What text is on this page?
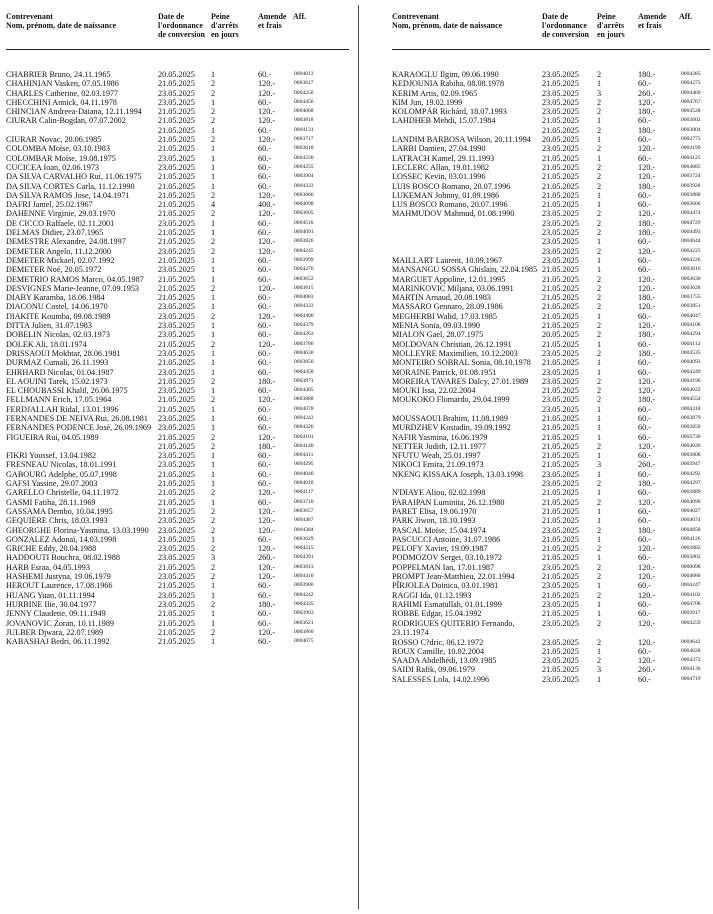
Contrevenant
Nom, prénom, date de naissance
Date de
l'ordonnance
de conversion
Peine
d'arrêts
en jours
Amende
et frais
Aff.
CHABRIER Bruno, 24.11.1965	20.05.2025 1	60.-	0004013
CHAHINIAN Vasken, 07.05.1986	21.05.2025 2	120.-	0003617
CHARLES Catherine, 02.03.1977	23.05.2025 2	120.-	0004250
CHECCHINI Annick, 04.11.1978	23.05.2025 1	60.-	0004456
CHINCIAN Andreea-Daiana, 12.11.1994	21.05.2025 2	120.-	0004068
CIURAR Calin-Bogdan, 07.07.2002	21.05.2025 2	120.-	0003818
21.05.2025 1	60.-	0004131
CIURAR Novac, 20.06.1985	21.05.2025 2	120.-	0003717
COLOMBA Moïse, 03.10.1983	21.05.2025 1	60.-	0003618
COLOMBAR Moïse, 19.08.1975	23.05.2025 1	60.-	0004330
CUCICEA Ioan, 02.06.1973	23.05.2025 1	60.-	0004255
DA SILVA CARVALHO Rui, 11.06.1975	21.05.2025 1	60.-	0003904
DA SILVA CORTES Carla, 11.12.1990	21.05.2025 1	60.-	0004333
DA SILVA RAMOS Jose, 14.04.1971	21.05.2025 2	120.-	0003666
DAFRI Jamel, 25.02.1967	21.05.2025 4	400.-	0004098
DAHENNE Virginie, 29.03.1970	21.05.2025 2	120.-	0003605
DE CICCO Raffaele, 02.11.2001	23.05.2025 1	60.-	0004510
DELMAS Didier, 23.07.1965	21.05.2025 1	60.-	0004091
DEMESTRE Alexandre, 24.08.1997	21.05.2025 2	120.-	0003826
DEMETER Angelo, 11.12.2000	23.05.2025 2	120.-	0004245
DEMETER Mickael, 02.07.1992	21.05.2025 1	60.-	0003999
DEMETER Noé, 20.05.1972	23.05.2025 1	60.-	0004276
DEMETRIO RAMOS Marco, 04.05.1987	21.05.2025 1	60.-	0003652
DESVIGNES Marie-Jeanne, 07.09.1953	21.05.2025 2	120.-	0003815
DIABY Karamba, 18.06.1984	21.05.2025 1	60.-	0004083
DIACONU Costel, 14.06.1970	23.05.2025 1	60.-	0004333
DIAKITE Koumba, 09.08.1989	23.05.2025 2	120.-	0004406
DITTA Julien, 31.07.1983	23.05.2025 1	60.-	0004379
DOBELIN Nicolas, 02.03.1973	23.05.2025 1	60.-	0004263
DOLEK Ali, 18.01.1974	21.05.2025 2	120.-	0003786
DRISSAOUI Mokhtar, 28.06.1981	23.05.2025 1	60.-	0004630
DURMAZ Cumali, 26.11.1993	21.05.2025 1	60.-	0003856
EHRHARD Nicolas, 01.04.1987	23.05.2025 1	60.-	0004458
EL AOUINI Tarek, 15.02.1973	21.05.2025 2	180.-	0003871
EL CHOUBASSI Khalil, 26.06.1975	23.05.2025 1	60.-	0004405
FELLMANN Erich, 17.05.1964	21.05.2025 2	120.-	0003888
FERDJALLAH Ridal, 13.01.1996	21.05.2025 1	60.-	0004078
FERNANDES DE NEIVA Rui, 26.08.1981	23.05.2025 1	60.-	0004243
FERNANDES PODENCE José, 26.09.1969 23.05.2025 1	60.-	0004326
FIGUEIRA Rui, 04.05.1989	21.05.2025 2	120.-	0004101
21.05.2025 2	180.-	0004140
FIKRI Youssef, 13.04.1982	23.05.2025 1	60.-	0004411
FRESNEAU Nicolas, 18.01.1991	23.05.2025 1	60.-	0004295
GABOURG Adelphe, 05.07.1998	21.05.2025 1	60.-	0004046
GAFSI Yassine, 29.07.2003	21.05.2025 1	60.-	0004010
GARELLO Christelle, 04.11.1972	21.05.2025 2	120.-	0004117
GASMI Fatiha, 28.11.1969	21.05.2025 1	60.-	0003710
GASSAMA Dembo, 10.04.1995	21.05.2025 2	120.-	0003657
GEQUIÈRE Chris, 18.03.1993	23.05.2025 2	120.-	0004487
GHEORGHE Florina-Yasmina, 13.03.1990	23.05.2025 2	120.-	0004384
GONZALEZ Adonaï, 14.03.1998	21.05.2025 1	60.-	0003629
GRICHE Eddy, 20.04.1988	23.05.2025 2	120.-	0004215
HADDOUTI Bouchra, 08.02.1988	23.05.2025 3	260.-	0004391
HARB Esraa, 04.05.1993	21.05.2025 2	120.-	0003813
HASHEMI Justyna, 19.06.1979	23.05.2025 2	120.-	0004410
HEROUT Laurence, 17.08.1966	21.05.2025 1	60.-	0003900
HUANG Yuan, 01.11.1994	23.05.2025 1	60.-	0004242
HURBINE Ilie, 30.04.1977	23.05.2025 2	180.-	0004335
JENNY Claudette, 09.11.1949	21.05.2025 1	60.-	0003903
JOVANOVIC Zoran, 10.11.1989	21.05.2025 1	60.-	0003621
JULBER Djwara, 22.07.1989	21.05.2025 2	120.-	0003860
KABASHAJ Bedri, 06.11.1992	21.05.2025 1	60.-	0004075
Contrevenant
Nom, prénom, date de naissance
Date de
l'ordonnance
de conversion
Peine
d'arrêts
en jours
Amende
et frais
Aff.
KARAOGLU Ilgim, 09.06.1990	23.05.2025 2	180.-	0004385
KEDJOUNIA Rabiha, 08.08.1978	21.05.2025 1	60.-	0004275
KERIM Artis, 02.09.1965	23.05.2025 3	260.-	0004460
KIM Jun, 19.02.1999	23.05.2025 2	120.-	0004767
KOLOMPÁR Richárd, 18.07.1993	23.05.2025 2	180.-	0004528
LAHDHEB Mehdi, 15.07.1984	21.05.2025 1	60.-	0003602
21.05.2025 2	180.-	0003804
LANDIM BARBOSA Wilson, 20.11.1994	20.05.2025 1	60.-	0003775
LARBI Damien, 27.04.1990	23.05.2025 2	120.-	0004199
LATRACH Kamel, 29.11.1993	21.05.2025 1	60.-	0004125
LECLERC Allan, 19.01.1982	21.05.2025 2	120.-	0004085
LOSSEC Kevin, 03.01.1996	21.05.2025 2	120.-	0003724
LUIS BOSCO Romano, 20.07.1996	21.05.2025 2	180.-	0003928
LUKEMAN Johnny, 01.09.1986	21.05.2025 1	60.-	0003880
LUS BOSCO Romano, 20.07.1996	21.05.2025 1	60.-	0003606
MAHMUDOV Mahmud, 01.08.1990	23.05.2025 2	120.-	0004474
23.05.2025 2	180.-	0004729
23.05.2025 2	180.-	0004493
23.05.2025 1	60.-	0004644
23.05.2025 2	120.-	0004225
MAILLART Laurent, 10.09.1967	23.05.2025 1	60.-	0004226
MANSANGU SOSSA Ghislain, 22.04.1985 21.05.2025 1	60.-	0003816
MARGUET Appoline, 12.01.1995	21.05.2025 2	120.-	0003630
MARINKOVIC Miljana, 03.06.1991	21.05.2025 2	120.-	0003628
MARTIN Arnaud, 20.08.1983	21.05.2025 2	180.-	0003755
MASSARO Gennaro, 28.09.1986	21.05.2025 2	120.-	0003851
MEGHERBI Walid, 17.03.1985	21.05.2025 1	60.-	0004047
MENIA Sonia, 09.03.1990	21.05.2025 2	120.-	0004108
MIALON Gael, 28.07.1975	20.05.2025 2	180.-	0004294
MOLDOVAN Christian, 26.12.1991	21.05.2025 1	60.-	0004112
MOLLEYRE Maximilien, 10.12.2003	23.05.2025 2	180.-	0004535
MONTEIRO SOBRAL Sonia, 08.10.1978	21.05.2025 1	60.-	0004093
MORAINE Patrick, 01.08.1951	23.05.2025 1	60.-	0004249
MOREIRA TAVARES Dalcy, 27.01.1989	23.05.2025 2	120.-	0004190
MOUKI Issa, 22.02.2004	21.05.2025 2	120.-	0004022
MOUKOKO Flomardo, 29.04.1999	23.05.2025 2	180.-	0004554
23.05.2025 1	60.-	0004318
MOUSSAOUI Brahim, 11.08.1989	21.05.2025 1	60.-	0003879
MURDZHEV Kostadin, 19.09.1992	21.05.2025 1	60.-	0003850
NAFIR Yasmina, 16.06.1979	21.05.2025 1	60.-	0003730
NETTER Judith, 12.11.1977	21.05.2025 2	120.-	0004026
NFUTU Weah, 25.01.1997	21.05.2025 1	60.-	0003808
NIKOCI Emira, 21.09.1973	21.05.2025 3	260.-	0003947
NKENG KISSAKA Joseph, 13.03.1998	23.05.2025 1	60.-	0004292
23.05.2025 2	180.-	0004297
N'DIAYE Aliou, 02.02.1998	21.05.2025 1	60.-	0003889
PARAIPAN Luminita, 26.12.1980	21.05.2025 2	120.-	0004090
PARET Elisa, 19.06.1970	21.05.2025 1	60.-	0004027
PARK Jiwon, 18.10.1993	21.05.2025 1	60.-	0004074
PASCAL Moïse, 15.04.1974	23.05.2025 2	180.-	0004858
PASCUCCI Antoine, 31.07.1986	21.05.2025 1	60.-	0004126
PELOFY Xavier, 19.09.1987	21.05.2025 2	120.-	0003882
PODMOZOV Sergei, 03.10.1972	21.05.2025 1	60.-	0003862
POPPELMAN Ian, 17.01.1987	23.05.2025 2	120.-	0000098
PROMPT Jean-Matthieu, 22.01.1994	21.05.2025 2	120.-	0004086
PÎRJOLEA Doinica, 03.01.1981	23.05.2025 1	60.-	0004247
RAGGI Ida, 01.12.1993	21.05.2025 2	120.-	0004102
RAHIMI Esmatullah, 01.01.1999	23.05.2025 1	60.-	0004708
ROBBE Edgar, 15.04.1992	21.05.2025 1	60.-	0003917
RODRIGUES QUITERIO Fernando, 23.11.1974
23.05.2025 2	120.-	0004259
ROSSO C?dric, 06.12.1972	23.05.2025 2	120.-	0004642
ROUX Camille, 10.02.2004	21.05.2025 1	60.-	0004028
SAADA Abdelhédi, 13.09.1985	23.05.2025 2	120.-	0004372
SAIDI Rafik, 09.06.1979	21.05.2025 3	260.-	0004136
SALESSES Lola, 14.02.1996	23.05.2025 1	60.-	0004719
